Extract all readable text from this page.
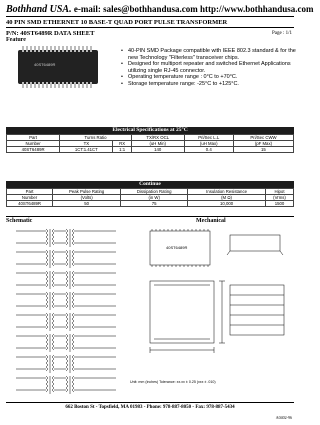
Bothhand USA. e-mail: sales@bothhandusa.com http://www.bothhandusa.com
40 PIN SMD ETHERNET 10 BASE-T QUAD PORT PULSE TRANSFORMER
P/N: 40ST6489R DATA SHEET	Page : 1/1
Feature
40ST6489R
• 40-PIN SMD Package compatible with IEEE 802.3 standard & for the new Technology "Filterless" transceiver chips.
• Designed for multiport repeater and switched Ethernet Applications utilizing single RJ-45 connector.
• Operating temperature range : 0°C to +70°C.
• Storage temperature range: -25°C to +125°C.
Electrical Specifications at 25°C
Part	Turns Ratio		TX/RX OCL	Pri/Sec L.L	Pri/Sec CWW
Number	TX	RX	(uH Min)	(uH Max)	(pF Max)
40ST6489R	1CT:1.41CT	1:1	140	0.4	15
Continue
Part	Peak Pulse Rating	Dissipation Rating	Insulation Resistance	Hipot
Number	(Volts)	(in W)	(M Ω)	(Vrms)
40ST6489R	50	75	10,000	1500
Schematic	Mechanical
40ST6489R
Unit: mm (inches) Tolerance: xx.xx ± 0.25 (xxx ± .010)
662 Boston St - Topsfield, MA 01983 - Phone: 978-887-8050 - Fax: 978-887-5434
A0402-96
